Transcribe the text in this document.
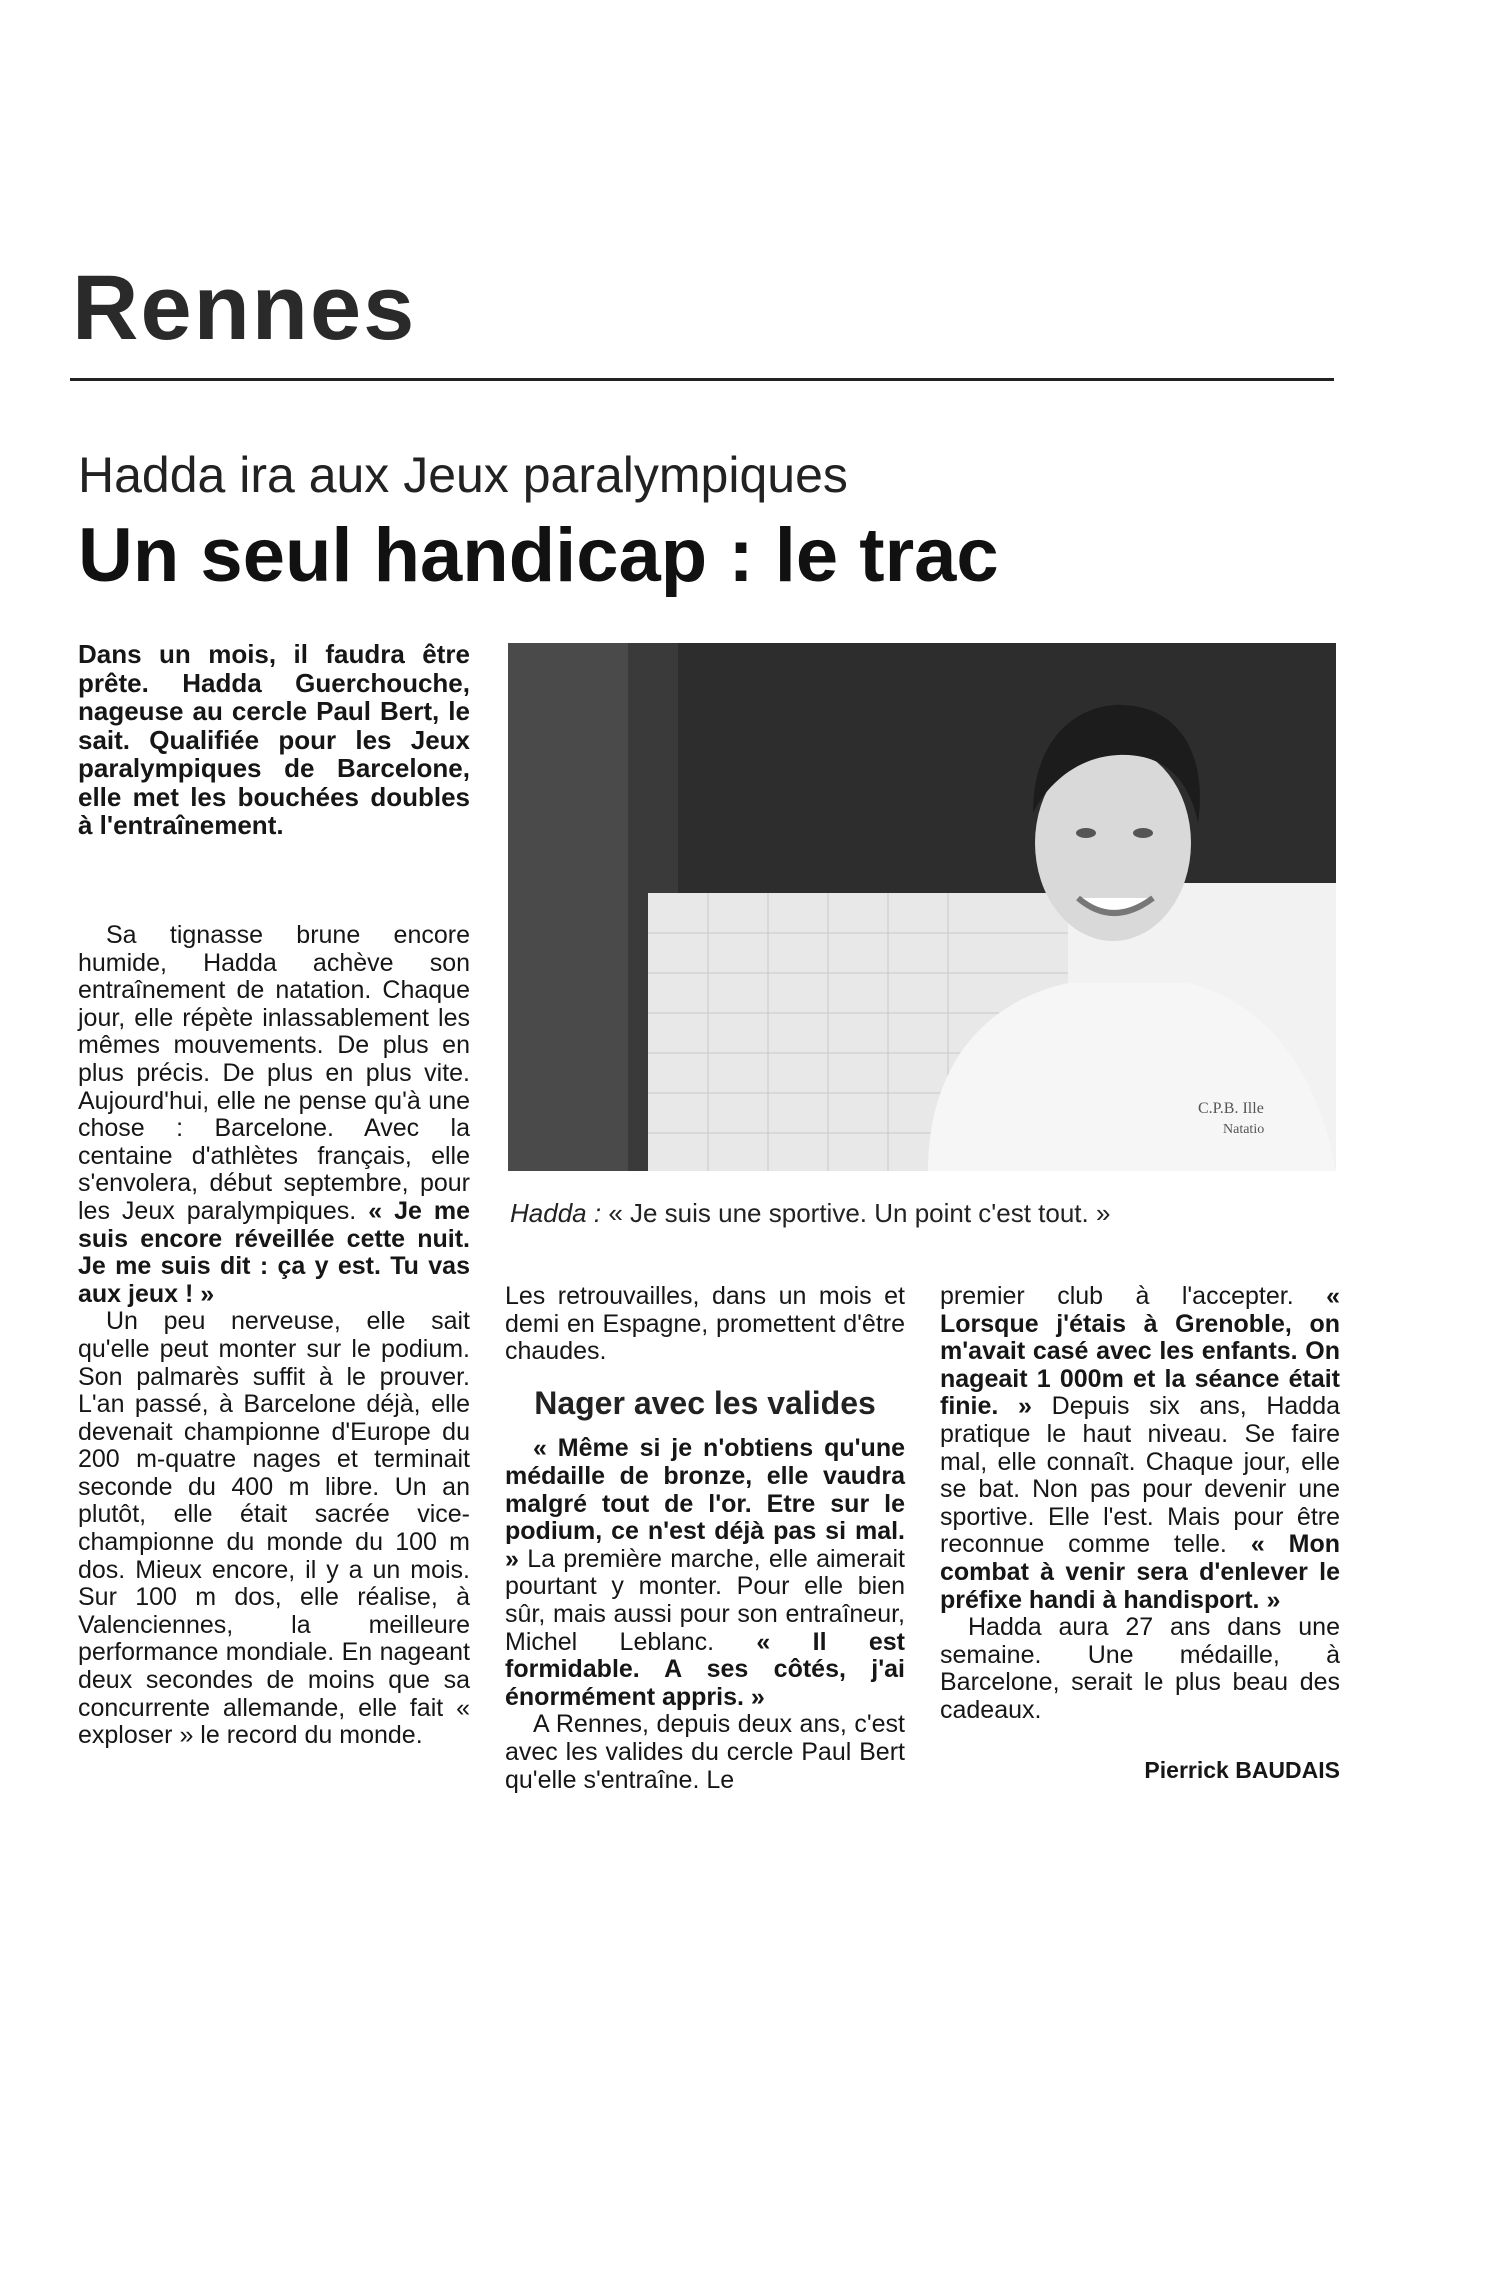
Rennes
Hadda ira aux Jeux paralympiques
Un seul handicap : le trac
Dans un mois, il faudra être prête. Hadda Guerchouche, nageuse au cercle Paul Bert, le sait. Qualifiée pour les Jeux paralympiques de Barcelone, elle met les bouchées doubles à l'entraînement.

Sa tignasse brune encore humide, Hadda achève son entraînement de natation. Chaque jour, elle répète inlassablement les mêmes mouvements. De plus en plus précis. De plus en plus vite. Aujourd'hui, elle ne pense qu'à une chose : Barcelone. Avec la centaine d'athlètes français, elle s'envolera, début septembre, pour les Jeux paralympiques. « Je me suis encore réveillée cette nuit. Je me suis dit : ça y est. Tu vas aux jeux ! »

Un peu nerveuse, elle sait qu'elle peut monter sur le podium. Son palmarès suffit à le prouver. L'an passé, à Barcelone déjà, elle devenait championne d'Europe du 200 m-quatre nages et terminait seconde du 400 m libre. Un an plutôt, elle était sacrée vice-championne du monde du 100 m dos. Mieux encore, il y a un mois. Sur 100 m dos, elle réalise, à Valenciennes, la meilleure performance mondiale. En nageant deux secondes de moins que sa concurrente allemande, elle fait « exploser » le record du monde.

C.P.B. Ille
Natatio
Hadda : « Je suis une sportive. Un point c'est tout. »

Les retrouvailles, dans un mois et demi en Espagne, promettent d'être chaudes.

Nager avec les valides

« Même si je n'obtiens qu'une médaille de bronze, elle vaudra malgré tout de l'or. Etre sur le podium, ce n'est déjà pas si mal. » La première marche, elle aimerait pourtant y monter. Pour elle bien sûr, mais aussi pour son entraîneur, Michel Leblanc. « Il est formidable. A ses côtés, j'ai énormément appris. »

A Rennes, depuis deux ans, c'est avec les valides du cercle Paul Bert qu'elle s'entraîne. Le

premier club à l'accepter. « Lorsque j'étais à Grenoble, on m'avait casé avec les enfants. On nageait 1 000m et la séance était finie. » Depuis six ans, Hadda pratique le haut niveau. Se faire mal, elle connaît. Chaque jour, elle se bat. Non pas pour devenir une sportive. Elle l'est. Mais pour être reconnue comme telle. « Mon combat à venir sera d'enlever le préfixe handi à handisport. »

Hadda aura 27 ans dans une semaine. Une médaille, à Barcelone, serait le plus beau des cadeaux.

Pierrick BAUDAIS
